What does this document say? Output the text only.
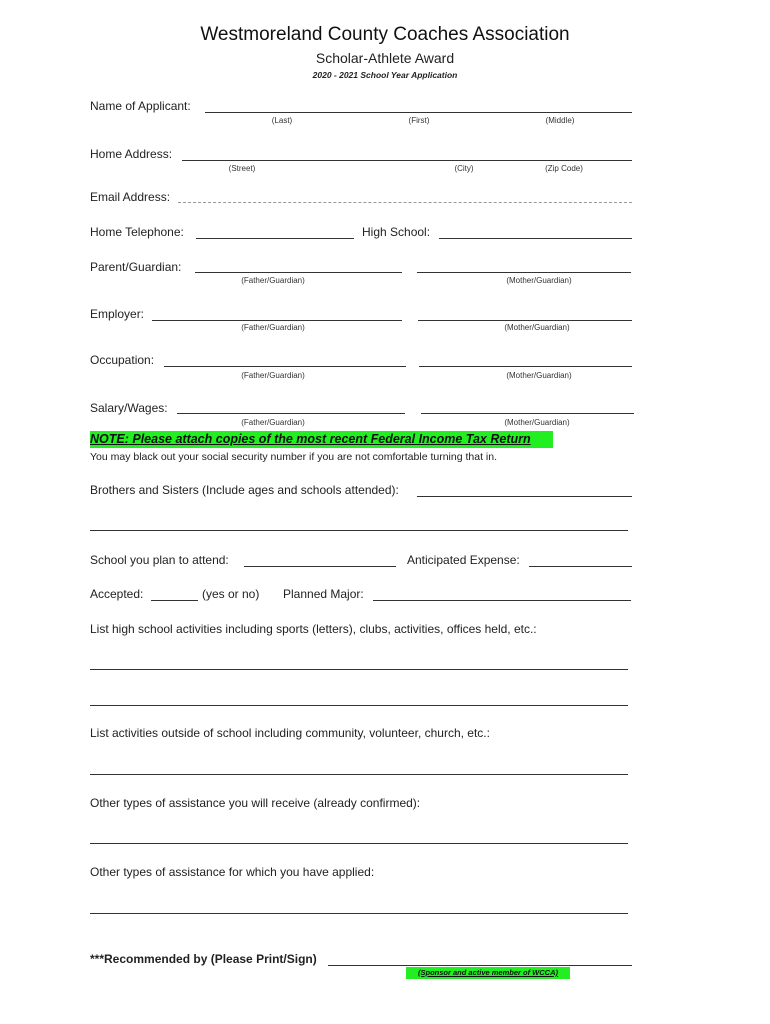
Westmoreland County Coaches Association
Scholar-Athlete Award
2020 - 2021 School Year Application
Name of Applicant:
(Last)	(First)	(Middle)
Home Address:
(Street)	(City)	(Zip Code)
Email Address:
Home Telephone:	High School:
Parent/Guardian:
(Father/Guardian)	(Mother/Guardian)
Employer:
(Father/Guardian)	(Mother/Guardian)
Occupation:
(Father/Guardian)	(Mother/Guardian)
Salary/Wages:
(Father/Guardian)	(Mother/Guardian)
NOTE: Please attach copies of the most recent Federal Income Tax Return
You may black out your social security number if you are not comfortable turning that in.
Brothers and Sisters (Include ages and schools attended):
School you plan to attend:	Anticipated Expense:
Accepted:	(yes or no) Planned Major:
List high school activities including sports (letters), clubs, activities, offices held, etc.:
List activities outside of school including community, volunteer, church, etc.:
Other types of assistance you will receive (already confirmed):
Other types of assistance for which you have applied:
***Recommended by (Please Print/Sign)
(Sponsor and active member of WCCA)
